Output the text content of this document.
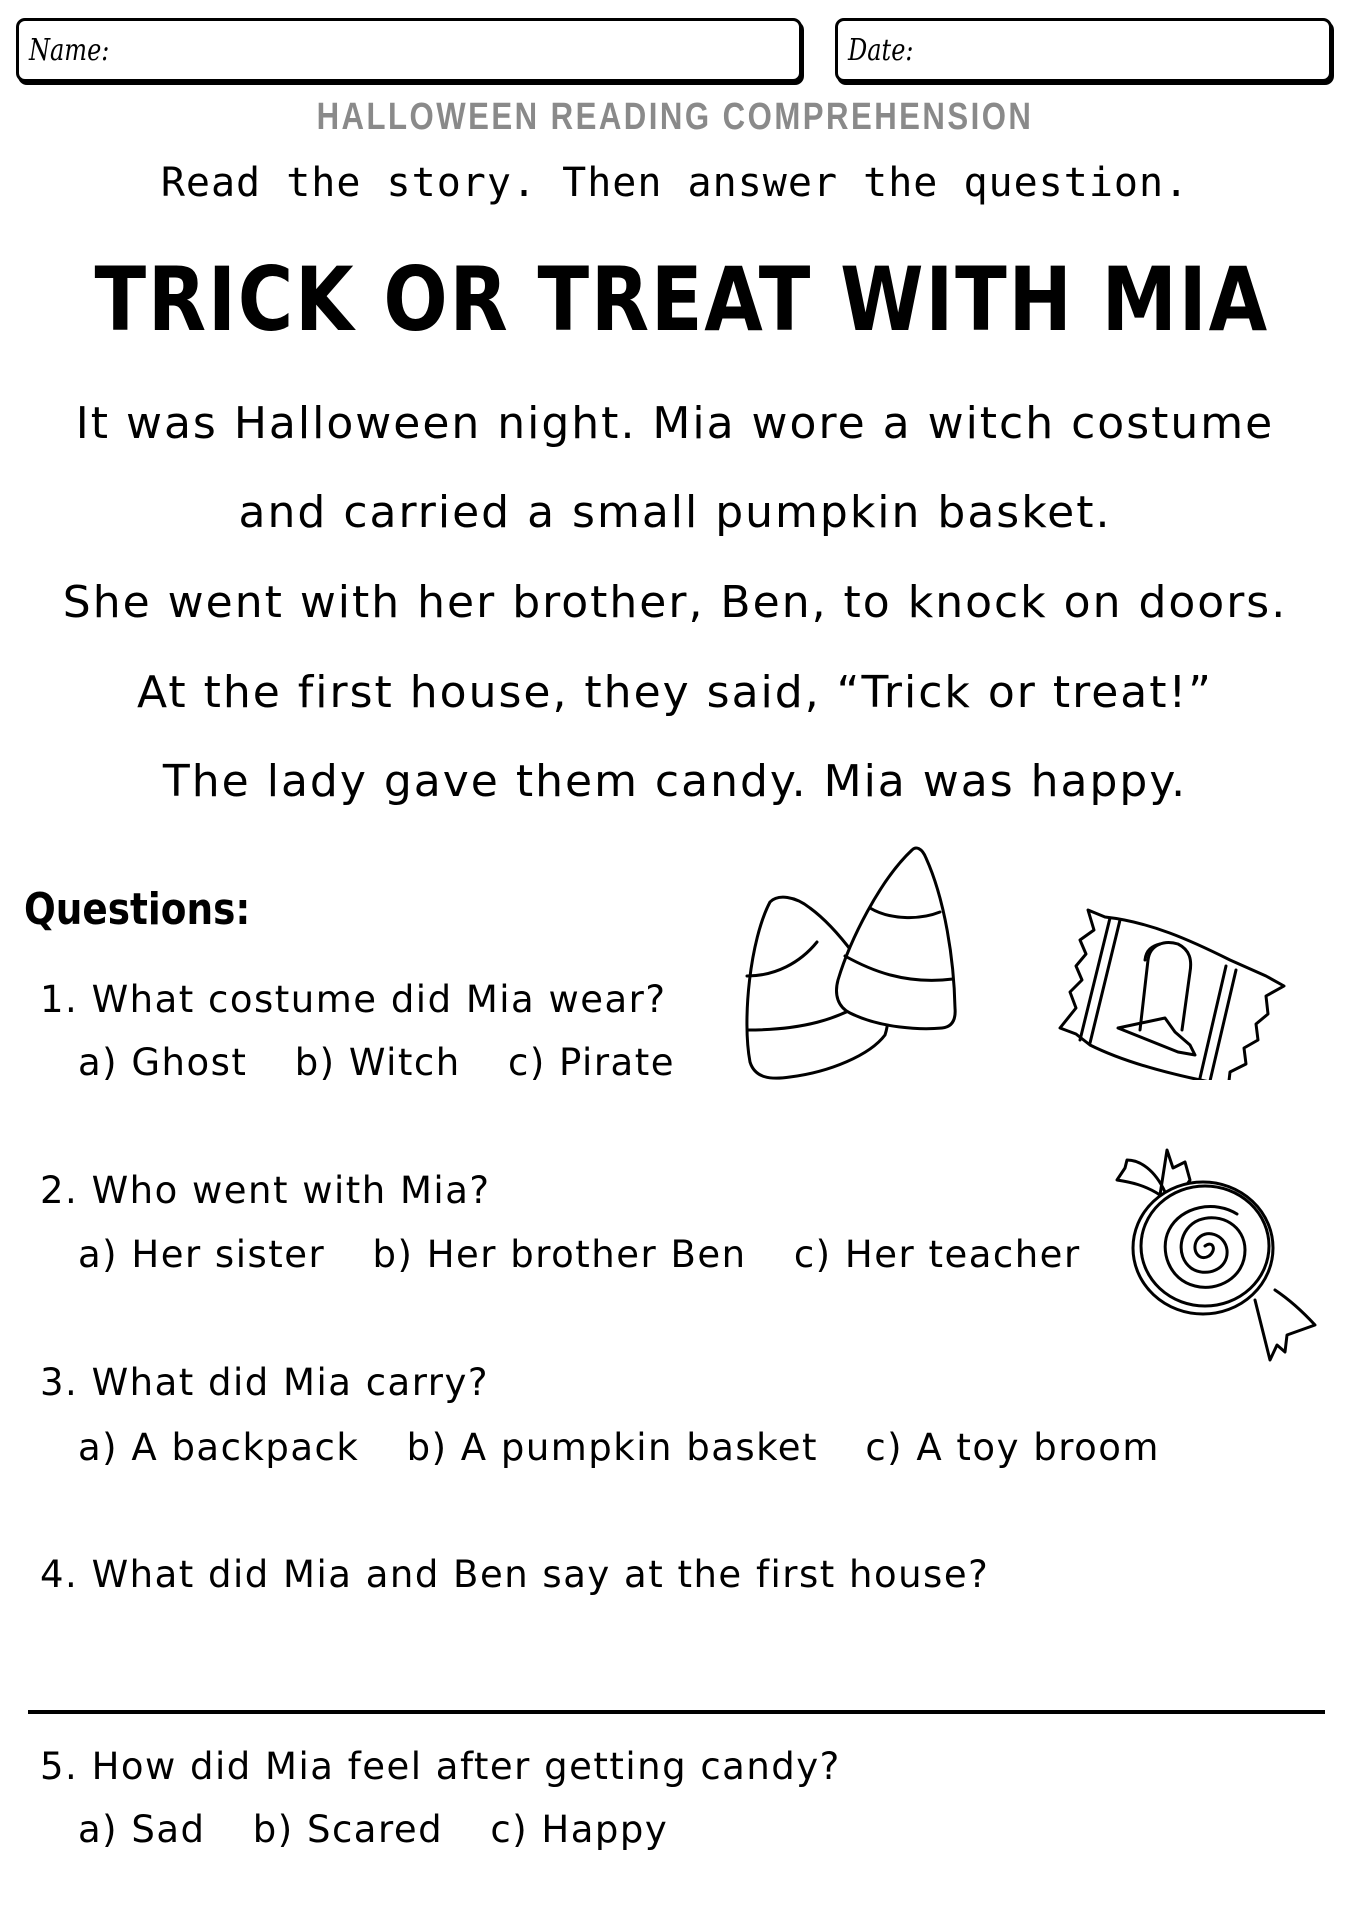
Name:	Date:
HALLOWEEN READING COMPREHENSION
Read the story. Then answer the question.
TRICK OR TREAT WITH MIA
It was Halloween night. Mia wore a witch costume
and carried a small pumpkin basket.
She went with her brother, Ben, to knock on doors.
At the first house, they said, “Trick or treat!”
The lady gave them candy. Mia was happy.
Questions:
1. What costume did Mia wear?
a) Ghost b) Witch c) Pirate
2. Who went with Mia?
a) Her sister b) Her brother Ben c) Her teacher
3. What did Mia carry?
a) A backpack b) A pumpkin basket c) A toy broom
4. What did Mia and Ben say at the first house?
5. How did Mia feel after getting candy?
a) Sad b) Scared c) Happy
